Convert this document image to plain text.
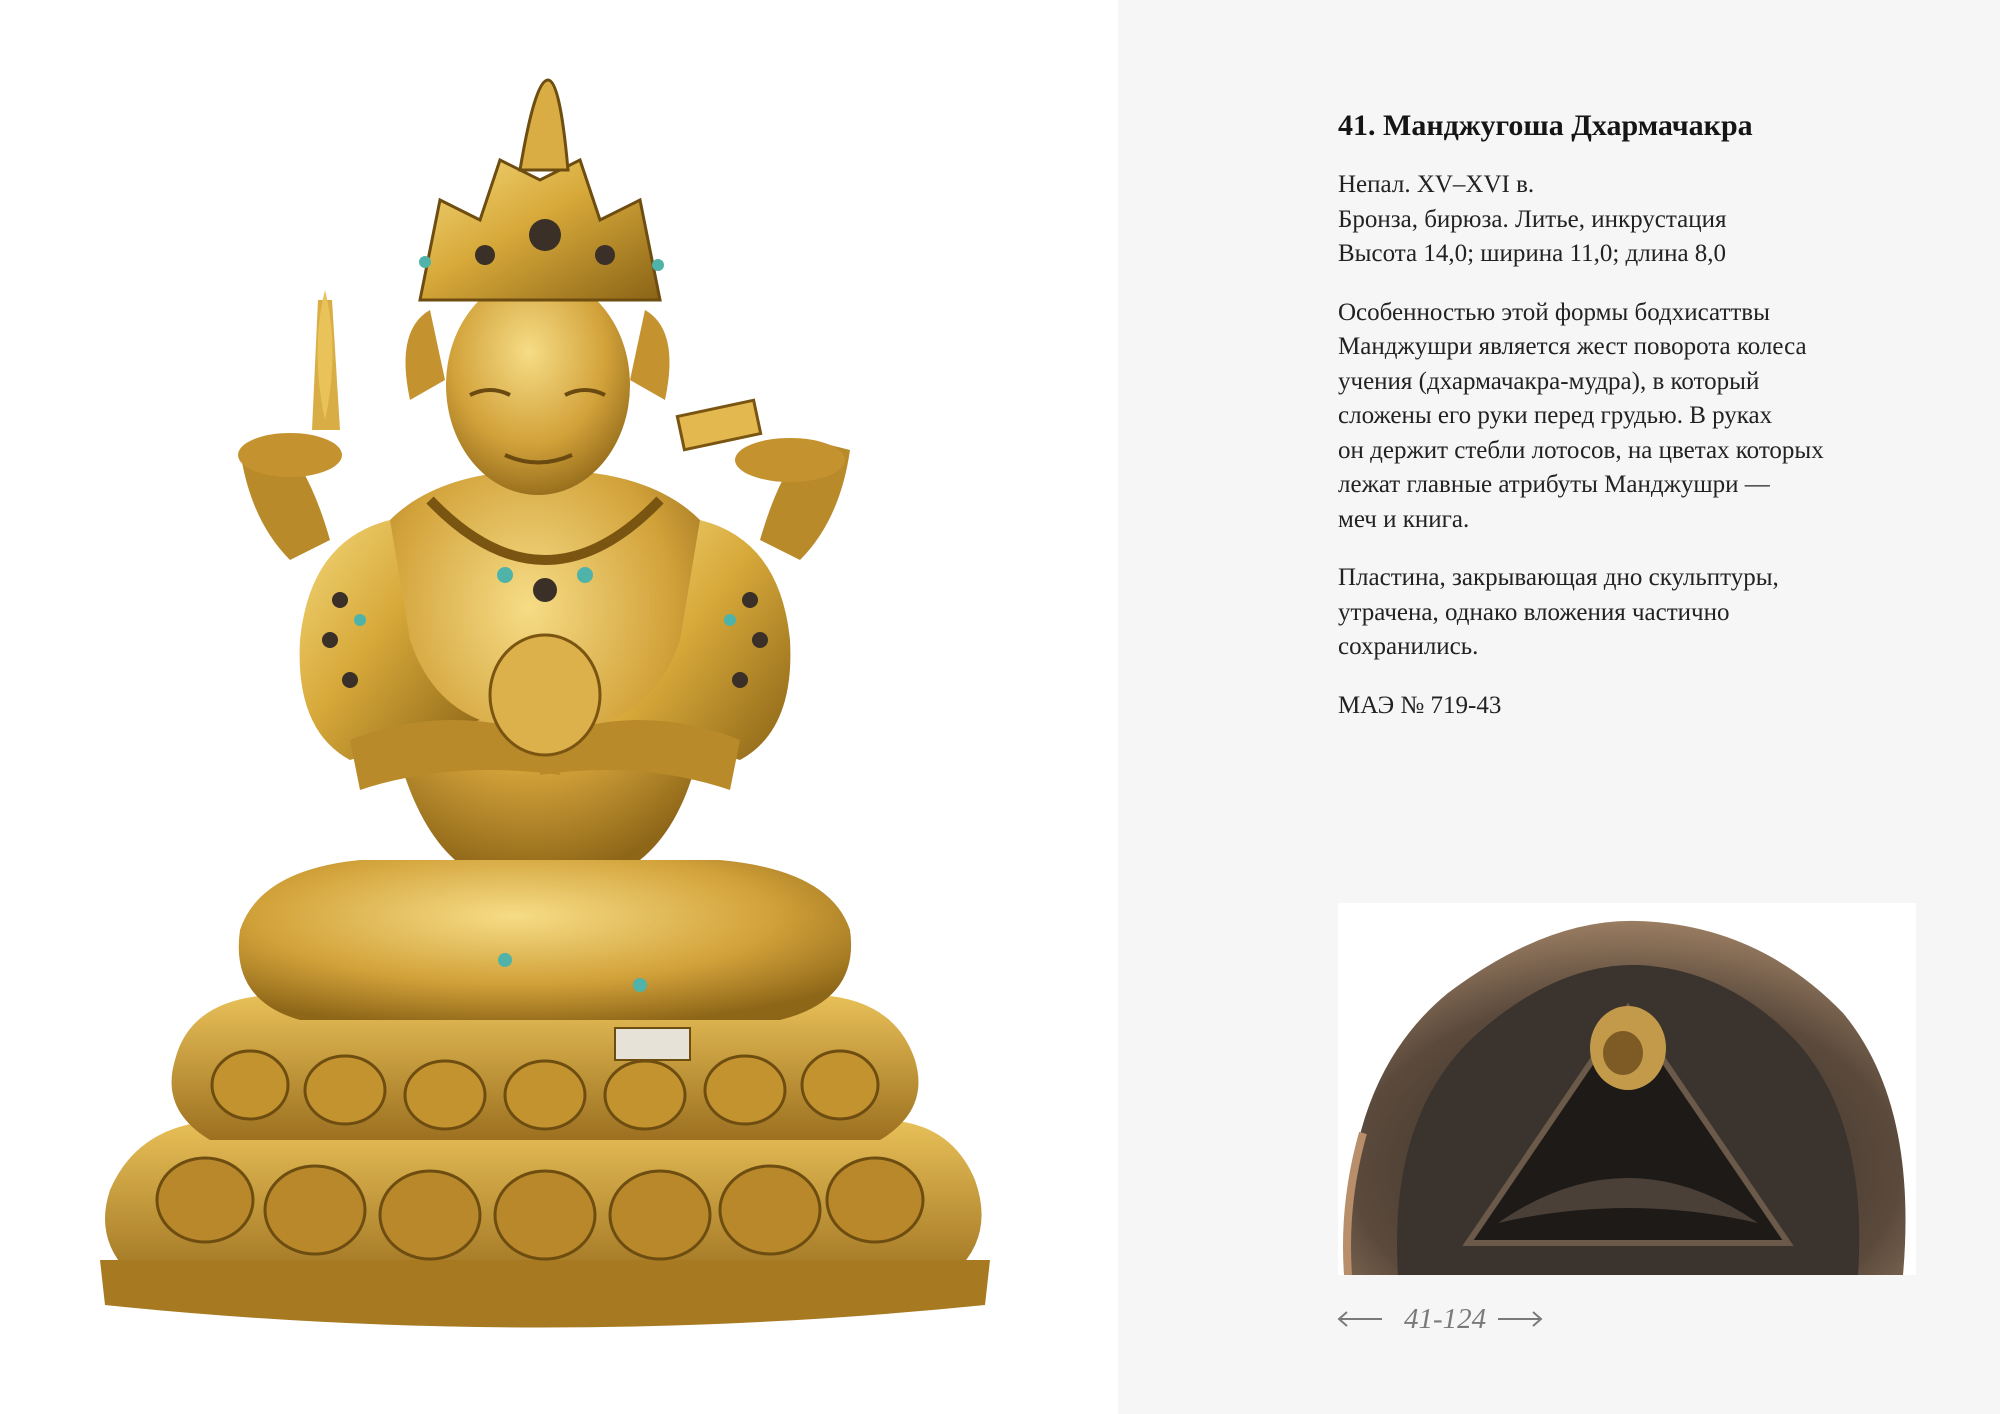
41. Манджугоша Дхармачакра

Непал. XV–XVI в.

Бронза, бирюза. Литье, инкрустация

Высота 14,0; ширина 11,0; длина 8,0

Особенностью этой формы бодхисаттвы
Манджушри является жест поворота колеса
учения (дхармачакра-мудра), в который
сложены его руки перед грудью. В руках
он держит стебли лотосов, на цветах которых
лежат главные атрибуты Манджушри —
меч и книга.
Пластина, закрывающая дно скульптуры,
утрачена, однако вложения частично
сохранились.

МАЭ № 719-43

41-124
